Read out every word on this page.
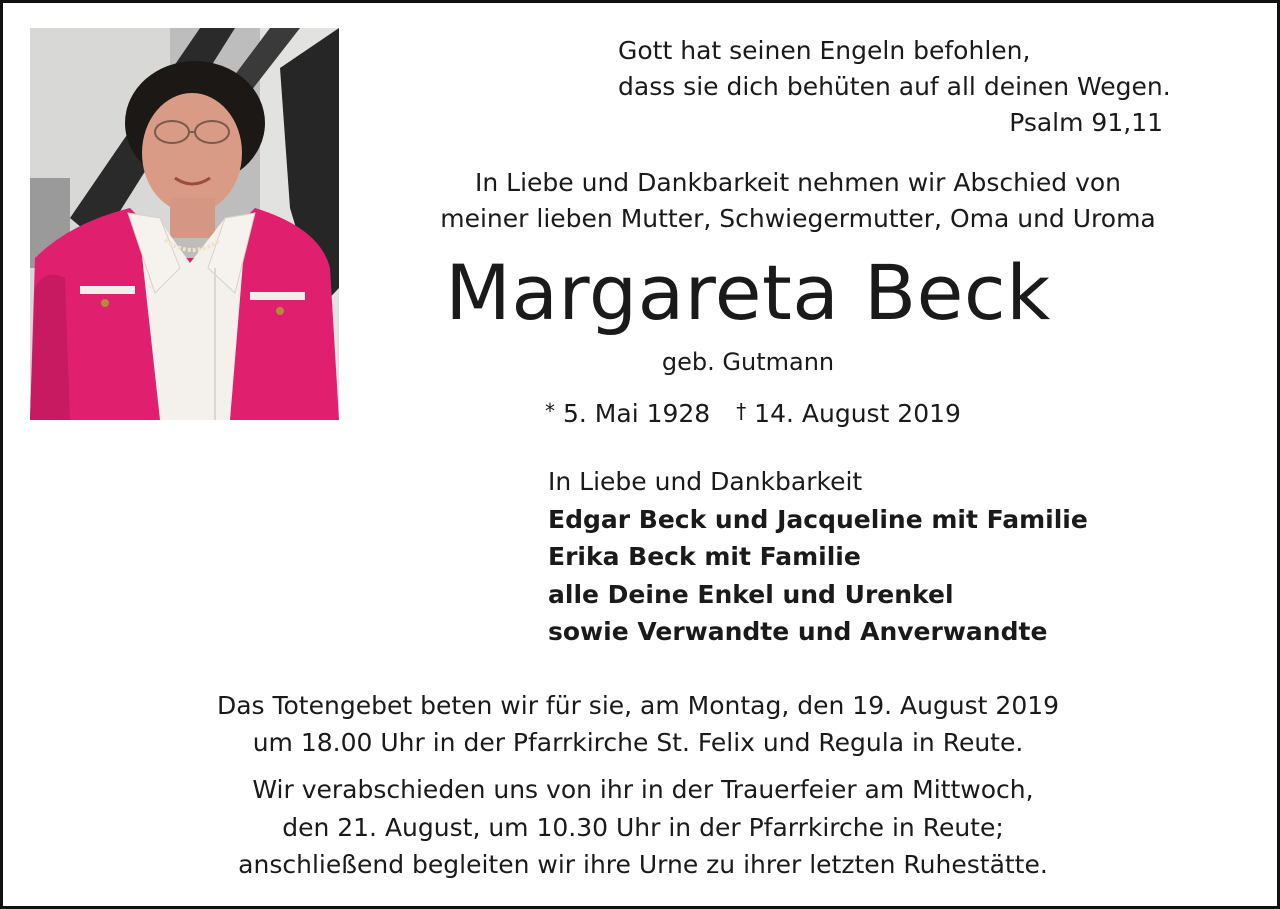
Gott hat seinen Engeln befohlen,
dass sie dich behüten auf all deinen Wegen.
Psalm 91,11
In Liebe und Dankbarkeit nehmen wir Abschied von
meiner lieben Mutter, Schwiegermutter, Oma und Uroma
Margareta Beck
geb. Gutmann
* 5. Mai 1928 † 14. August 2019
In Liebe und Dankbarkeit
Edgar Beck und Jacqueline mit Familie
Erika Beck mit Familie
alle Deine Enkel und Urenkel
sowie Verwandte und Anverwandte
Das Totengebet beten wir für sie, am Montag, den 19. August 2019
um 18.00 Uhr in der Pfarrkirche St. Felix und Regula in Reute.
Wir verabschieden uns von ihr in der Trauerfeier am Mittwoch,
den 21. August, um 10.30 Uhr in der Pfarrkirche in Reute;
anschließend begleiten wir ihre Urne zu ihrer letzten Ruhestätte.
